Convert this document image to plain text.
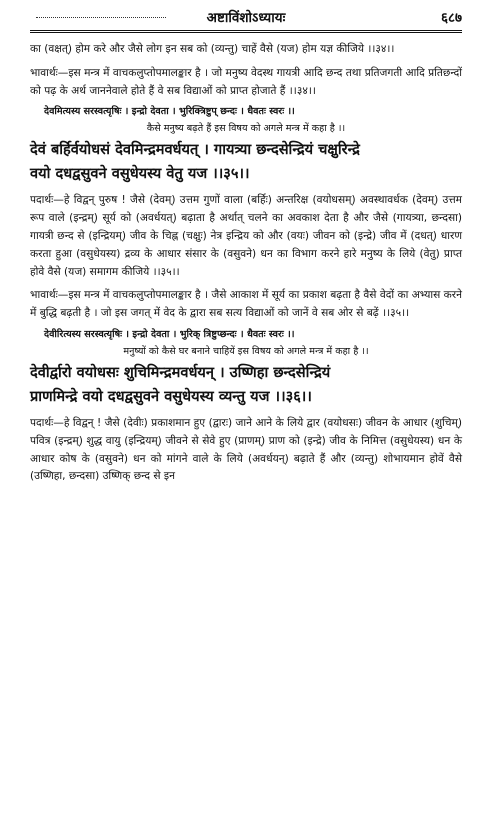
अष्टाविंशोऽध्यायः	६८७

का (वक्षत्) होम करे और जैसे लोग इन सब को (व्यन्तु) चाहें वैसे (यज) होम यज्ञ कीजिये ।।३४।।

भावार्थः—इस मन्त्र में वाचकलुप्तोपमालङ्कार है । जो मनुष्य वेदस्थ गायत्री आदि छन्द तथा प्रतिजगती आदि प्रतिछन्दों को पढ़ के अर्थ जाननेवाले होते हैं वे सब विद्याओं को प्राप्त होजाते हैं ।।३४।।

देवमित्यस्य सरस्वत्यृषिः । इन्द्रो देवता । भुरिक्त्रिष्टुप् छन्दः । धैवतः स्वरः ।।
कैसे मनुष्य बढ़ते हैं इस विषय को अगले मन्त्र में कहा है ।।

देवं बर्हिर्वयोधसं देवमिन्द्रमवर्धयत् । गायत्र्या छन्दसेन्द्रियं चक्षुरिन्द्रे

वयो दधद्वसुवने वसुधेयस्य वेतु यज ।।३५।।

पदार्थः—हे विद्वन् पुरुष ! जैसे (देवम्) उत्तम गुणों वाला (बर्हिः) अन्तरिक्ष (वयोधसम्) अवस्थावर्धक (देवम्) उत्तम रूप वाले (इन्द्रम्) सूर्य को (अवर्धयत्) बढ़ाता है अर्थात् चलने का अवकाश देता है और जैसे (गायत्र्या, छन्दसा) गायत्री छन्द से (इन्द्रियम्) जीव के चिह्न (चक्षुः) नेत्र इन्द्रिय को और (वयः) जीवन को (इन्द्रे) जीव में (दधत्) धारण करता हुआ (वसुधेयस्य) द्रव्य के आधार संसार के (वसुवने) धन का विभाग करने हारे मनुष्य के लिये (वेतु) प्राप्त होवे वैसे (यज) समागम कीजिये ।।३५।।

भावार्थः—इस मन्त्र में वाचकलुप्तोपमालङ्कार है । जैसे आकाश में सूर्य का प्रकाश बढ़ता है वैसे वेदों का अभ्यास करने में बुद्धि बढ़ती है । जो इस जगत् में वेद के द्वारा सब सत्य विद्याओं को जानें वे सब ओर से बढ़ें ।।३५।।

देवीरित्यस्य सरस्वत्यृषिः । इन्द्रो देवता । भुरिक् त्रिष्टुप्छन्दः । धैवतः स्वरः ।।
मनुष्यों को कैसे घर बनाने चाहियें इस विषय को अगले मन्त्र में कहा है ।।

देवीर्द्वारो वयोधसः शुचिमिन्द्रमवर्धयन् । उष्णिहा छन्दसेन्द्रियं

प्राणमिन्द्रे वयो दधद्वसुवने वसुधेयस्य व्यन्तु यज ।।३६।।

पदार्थः—हे विद्वन् ! जैसे (देवीः) प्रकाशमान हुए (द्वारः) जाने आने के लिये द्वार (वयोधसः) जीवन के आधार (शुचिम्) पवित्र (इन्द्रम्) शुद्ध वायु (इन्द्रियम्) जीवने से सेवे हुए (प्राणम्) प्राण को (इन्द्रे) जीव के निमित्त (वसुधेयस्य) धन के आधार कोष के (वसुवने) धन को मांगने वाले के लिये (अवर्धयन्) बढ़ाते हैं और (व्यन्तु) शोभायमान होवें वैसे (उष्णिहा, छन्दसा) उष्णिक् छन्द से इन
